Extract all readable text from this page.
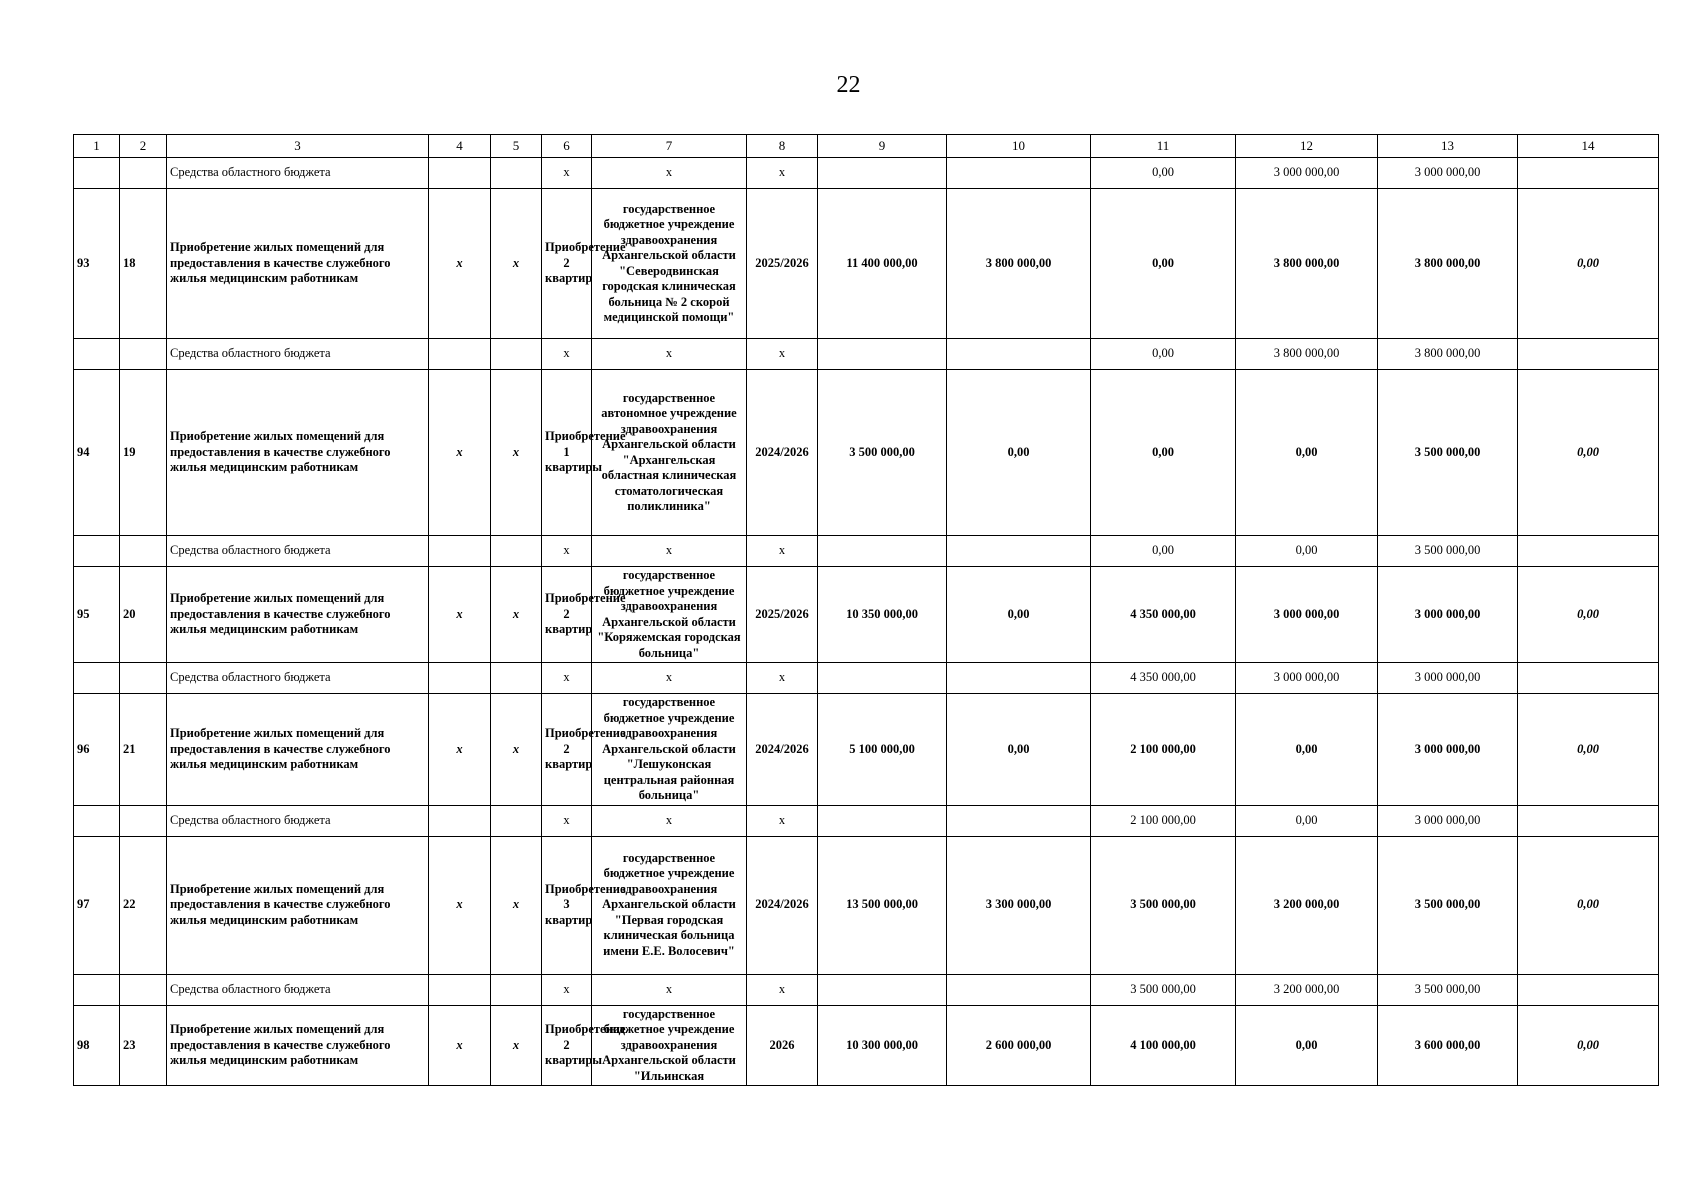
22
1	2	3	4	5	6	7	8	9	10	11	12	13	14
		Средства областного бюджета			х	х	х			0,00	3 000 000,00	3 000 000,00	
93	18	Приобретение жилых помещений для предоставления в качестве служебного жилья медицинским работникам	х	х	Приобретение 2 квартир	государственное бюджетное учреждение здравоохранения Архангельской области "Северодвинская городская клиническая больница № 2 скорой медицинской помощи"	2025/2026	11 400 000,00	3 800 000,00	0,00	3 800 000,00	3 800 000,00	0,00
		Средства областного бюджета			х	х	х			0,00	3 800 000,00	3 800 000,00	
94	19	Приобретение жилых помещений для предоставления в качестве служебного жилья медицинским работникам	х	х	Приобретение 1 квартиры	государственное автономное учреждение здравоохранения Архангельской области "Архангельская областная клиническая стоматологическая поликлиника"	2024/2026	3 500 000,00	0,00	0,00	0,00	3 500 000,00	0,00
		Средства областного бюджета			х	х	х			0,00	0,00	3 500 000,00	
95	20	Приобретение жилых помещений для предоставления в качестве служебного жилья медицинским работникам	х	х	Приобретение 2 квартир	государственное бюджетное учреждение здравоохранения Архангельской области "Коряжемская городская больница"	2025/2026	10 350 000,00	0,00	4 350 000,00	3 000 000,00	3 000 000,00	0,00
		Средства областного бюджета			х	х	х			4 350 000,00	3 000 000,00	3 000 000,00	
96	21	Приобретение жилых помещений для предоставления в качестве служебного жилья медицинским работникам	х	х	Приобретение 2 квартир	государственное бюджетное учреждение здравоохранения Архангельской области "Лешуконская центральная районная больница"	2024/2026	5 100 000,00	0,00	2 100 000,00	0,00	3 000 000,00	0,00
		Средства областного бюджета			х	х	х			2 100 000,00	0,00	3 000 000,00	
97	22	Приобретение жилых помещений для предоставления в качестве служебного жилья медицинским работникам	х	х	Приобретение 3 квартир	государственное бюджетное учреждение здравоохранения Архангельской области "Первая городская клиническая больница имени Е.Е. Волосевич"	2024/2026	13 500 000,00	3 300 000,00	3 500 000,00	3 200 000,00	3 500 000,00	0,00
		Средства областного бюджета			х	х	х			3 500 000,00	3 200 000,00	3 500 000,00	
98	23	Приобретение жилых помещений для предоставления в качестве служебного жилья медицинским работникам	х	х	Приобретение 2 квартиры	государственное бюджетное учреждение здравоохранения Архангельской области "Ильинская	2026	10 300 000,00	2 600 000,00	4 100 000,00	0,00	3 600 000,00	0,00
